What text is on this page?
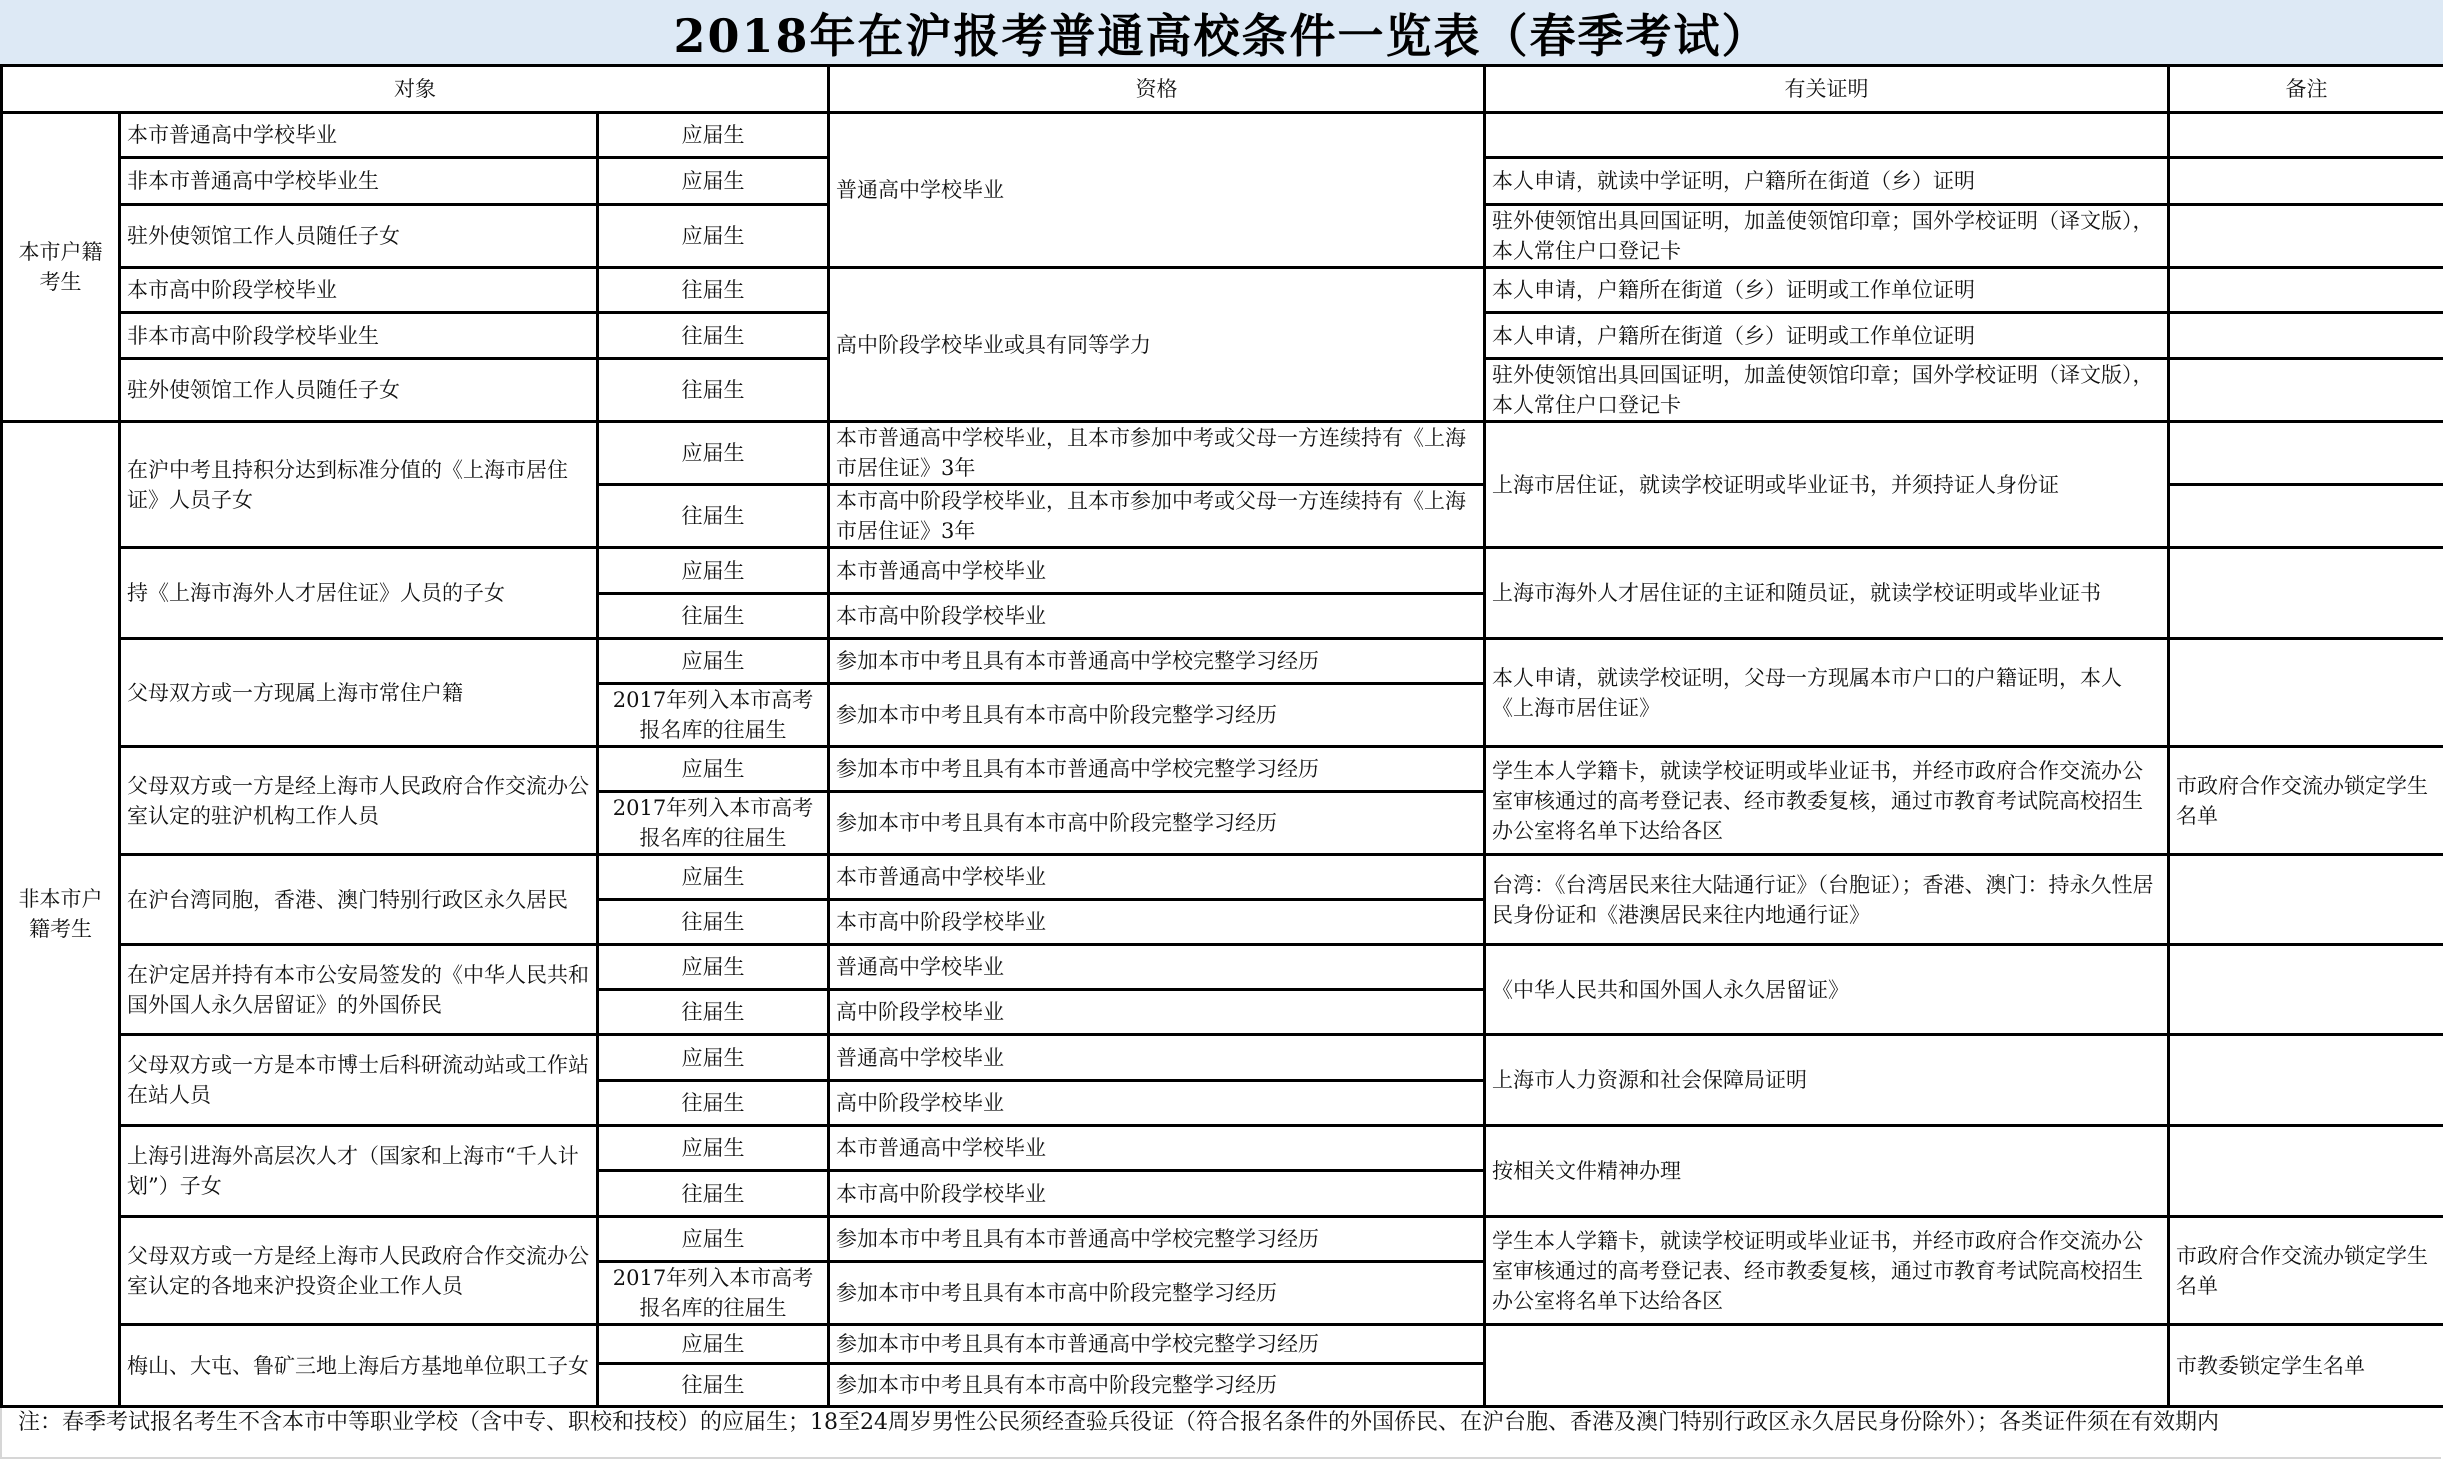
2018年在沪报考普通高校条件一览表（春季考试）
对象			资格	有关证明	备注
本市户籍考生	本市普通高中学校毕业	应届生	普通高中学校毕业		
	非本市普通高中学校毕业生	应届生		本人申请，就读中学证明，户籍所在街道（乡）证明	
	驻外使领馆工作人员随任子女	应届生		驻外使领馆出具回国证明，加盖使领馆印章；国外学校证明（译文版），本人常住户口登记卡	
	本市高中阶段学校毕业	往届生	高中阶段学校毕业或具有同等学力	本人申请，户籍所在街道（乡）证明或工作单位证明	
	非本市高中阶段学校毕业生	往届生		本人申请，户籍所在街道（乡）证明或工作单位证明	
	驻外使领馆工作人员随任子女	往届生		驻外使领馆出具回国证明，加盖使领馆印章；国外学校证明（译文版），本人常住户口登记卡	
非本市户籍考生	在沪中考且持积分达到标准分值的《上海市居住证》人员子女	应届生	本市普通高中学校毕业，且本市参加中考或父母一方连续持有《上海市居住证》3年	上海市居住证，就读学校证明或毕业证书，并须持证人身份证	
		往届生	本市高中阶段学校毕业，且本市参加中考或父母一方连续持有《上海市居住证》3年		
	持《上海市海外人才居住证》人员的子女	应届生	本市普通高中学校毕业	上海市海外人才居住证的主证和随员证，就读学校证明或毕业证书	
		往届生	本市高中阶段学校毕业		
	父母双方或一方现属上海市常住户籍	应届生	参加本市中考且具有本市普通高中学校完整学习经历	本人申请，就读学校证明，父母一方现属本市户口的户籍证明，本人《上海市居住证》	
		2017年列入本市高考报名库的往届生	参加本市中考且具有本市高中阶段完整学习经历		
	父母双方或一方是经上海市人民政府合作交流办公室认定的驻沪机构工作人员	应届生	参加本市中考且具有本市普通高中学校完整学习经历	学生本人学籍卡，就读学校证明或毕业证书，并经市政府合作交流办公室审核通过的高考登记表、经市教委复核，通过市教育考试院高校招生办公室将名单下达给各区	市政府合作交流办锁定学生名单
		2017年列入本市高考报名库的往届生	参加本市中考且具有本市高中阶段完整学习经历		
	在沪台湾同胞，香港、澳门特别行政区永久居民	应届生	本市普通高中学校毕业	台湾：《台湾居民来往大陆通行证》（台胞证）；香港、澳门：持永久性居民身份证和《港澳居民来往内地通行证》	
		往届生	本市高中阶段学校毕业		
	在沪定居并持有本市公安局签发的《中华人民共和国外国人永久居留证》的外国侨民	应届生	普通高中学校毕业	《中华人民共和国外国人永久居留证》	
		往届生	高中阶段学校毕业		
	父母双方或一方是本市博士后科研流动站或工作站在站人员	应届生	普通高中学校毕业	上海市人力资源和社会保障局证明	
		往届生	高中阶段学校毕业		
	上海引进海外高层次人才（国家和上海市“千人计划”）子女	应届生	本市普通高中学校毕业	按相关文件精神办理	
		往届生	本市高中阶段学校毕业		
	父母双方或一方是经上海市人民政府合作交流办公室认定的各地来沪投资企业工作人员	应届生	参加本市中考且具有本市普通高中学校完整学习经历	学生本人学籍卡，就读学校证明或毕业证书，并经市政府合作交流办公室审核通过的高考登记表、经市教委复核，通过市教育考试院高校招生办公室将名单下达给各区	市政府合作交流办锁定学生名单
		2017年列入本市高考报名库的往届生	参加本市中考且具有本市高中阶段完整学习经历		
	梅山、大屯、鲁矿三地上海后方基地单位职工子女	应届生	参加本市中考且具有本市普通高中学校完整学习经历		市教委锁定学生名单
		往届生	参加本市中考且具有本市高中阶段完整学习经历		
注：春季考试报名考生不含本市中等职业学校（含中专、职校和技校）的应届生；18至24周岁男性公民须经查验兵役证（符合报名条件的外国侨民、在沪台胞、香港及澳门特别行政区永久居民身份除外）；各类证件须在有效期内
